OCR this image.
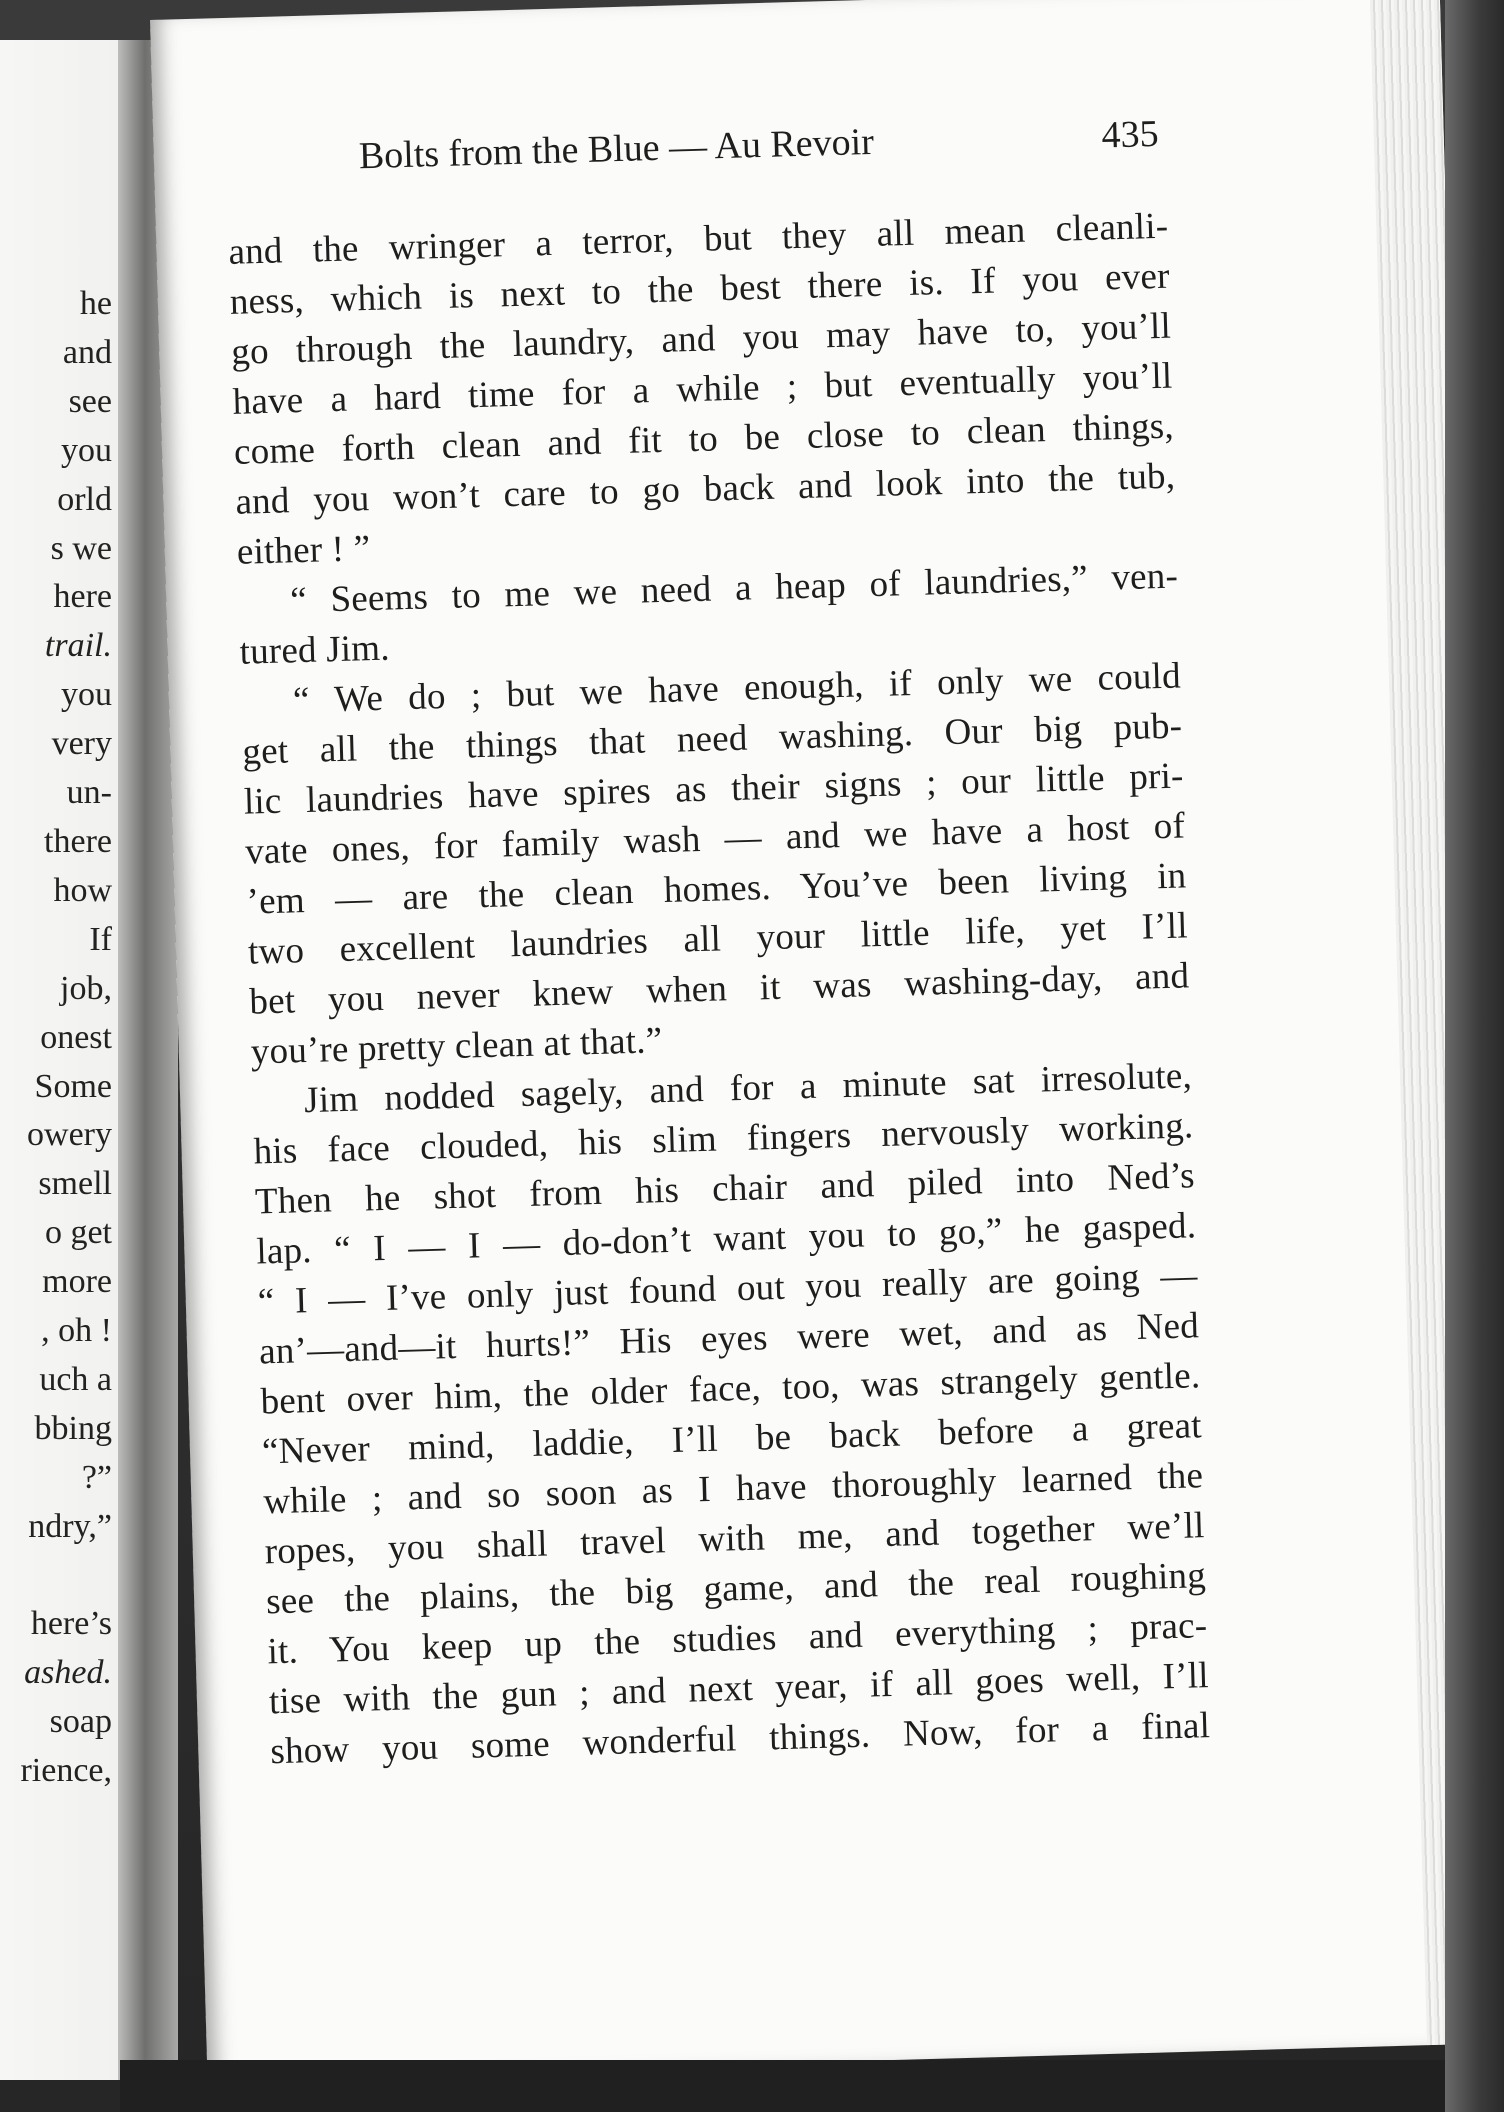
he
and
see
you
orld
s we
here
trail.
you
very
un-
there
how
If
job,
onest
Some
owery
smell
o get
more
, oh !
uch a
bbing
?”
ndry,”

here’s
ashed.
soap
rience,
Bolts from the Blue — Au Revoir	435
and the wringer a terror, but they all mean cleanli-
ness, which is next to the best there is. If you ever
go through the laundry, and you may have to, you’ll
have a hard time for a while ; but eventually you’ll
come forth clean and fit to be close to clean things,
and you won’t care to go back and look into the tub,
either ! ”
“ Seems to me we need a heap of laundries,” ven-
tured Jim.
“ We do ; but we have enough, if only we could
get all the things that need washing. Our big pub-
lic laundries have spires as their signs ; our little pri-
vate ones, for family wash — and we have a host of
’em — are the clean homes. You’ve been living in
two excellent laundries all your little life, yet I’ll
bet you never knew when it was washing-day, and
you’re pretty clean at that.”
Jim nodded sagely, and for a minute sat irresolute,
his face clouded, his slim fingers nervously working.
Then he shot from his chair and piled into Ned’s
lap. “ I — I — do-don’t want you to go,” he gasped.
“ I — I’ve only just found out you really are going —
an’—and—it hurts!” His eyes were wet, and as Ned
bent over him, the older face, too, was strangely gentle.
“Never mind, laddie, I’ll be back before a great
while ; and so soon as I have thoroughly learned the
ropes, you shall travel with me, and together we’ll
see the plains, the big game, and the real roughing
it. You keep up the studies and everything ; prac-
tise with the gun ; and next year, if all goes well, I’ll
show you some wonderful things. Now, for a final
